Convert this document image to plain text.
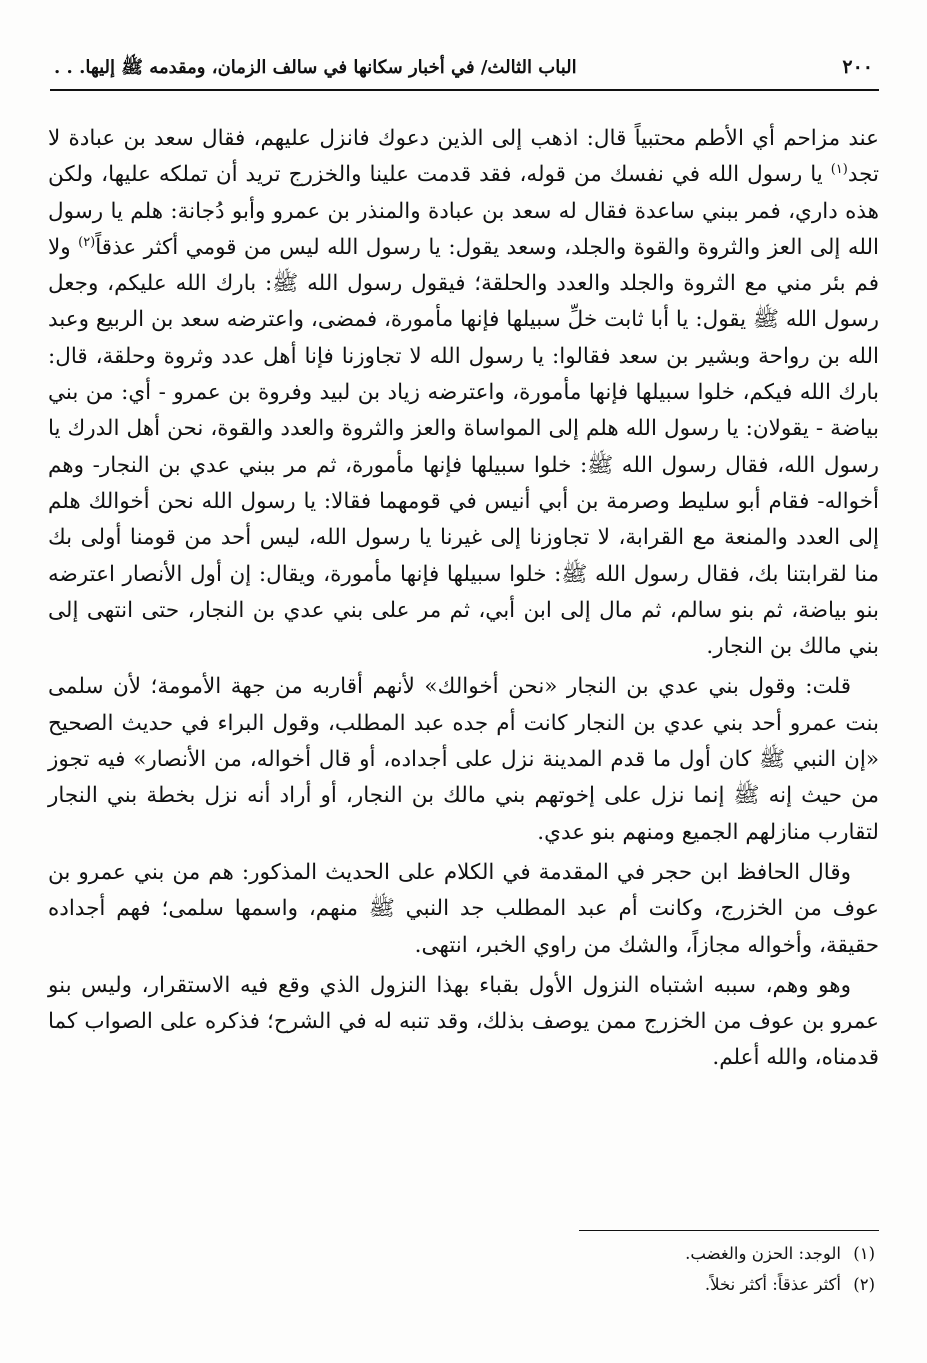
٢٠٠
الباب الثالث/ في أخبار سكانها في سالف الزمان، ومقدمه ﷺ إليها. . .

عند مزاحم أي الأطم محتبياً قال: اذهب إلى الذين دعوك فانزل عليهم، فقال سعد بن عبادة لا تجد$^{(١)}$ يا رسول الله في نفسك من قوله، فقد قدمت علينا والخزرج تريد أن تملكه عليها، ولكن هذه داري، فمر ببني ساعدة فقال له سعد بن عبادة والمنذر بن عمرو وأبو دُجانة: هلم يا رسول الله إلى العز والثروة والقوة والجلد، وسعد يقول: يا رسول الله ليس من قومي أكثر عذقاً$^{(٢)}$ ولا فم بئر مني مع الثروة والجلد والعدد والحلقة؛ فيقول رسول الله ﷺ: بارك الله عليكم، وجعل رسول الله ﷺ يقول: يا أبا ثابت خلِّ سبيلها فإنها مأمورة، فمضى، واعترضه سعد بن الربيع وعبد الله بن رواحة وبشير بن سعد فقالوا: يا رسول الله لا تجاوزنا فإنا أهل عدد وثروة وحلقة، قال: بارك الله فيكم، خلوا سبيلها فإنها مأمورة، واعترضه زياد بن لبيد وفروة بن عمرو - أي: من بني بياضة - يقولان: يا رسول الله هلم إلى المواساة والعز والثروة والعدد والقوة، نحن أهل الدرك يا رسول الله، فقال رسول الله ﷺ: خلوا سبيلها فإنها مأمورة، ثم مر ببني عدي بن النجار- وهم أخواله- فقام أبو سليط وصرمة بن أبي أنيس في قومهما فقالا: يا رسول الله نحن أخوالك هلم إلى العدد والمنعة مع القرابة، لا تجاوزنا إلى غيرنا يا رسول الله، ليس أحد من قومنا أولى بك منا لقرابتنا بك، فقال رسول الله ﷺ: خلوا سبيلها فإنها مأمورة، ويقال: إن أول الأنصار اعترضه بنو بياضة، ثم بنو سالم، ثم مال إلى ابن أبي، ثم مر على بني عدي بن النجار، حتى انتهى إلى بني مالك بن النجار.

قلت: وقول بني عدي بن النجار «نحن أخوالك» لأنهم أقاربه من جهة الأمومة؛ لأن سلمى بنت عمرو أحد بني عدي بن النجار كانت أم جده عبد المطلب، وقول البراء في حديث الصحيح «إن النبي ﷺ كان أول ما قدم المدينة نزل على أجداده، أو قال أخواله، من الأنصار» فيه تجوز من حيث إنه ﷺ إنما نزل على إخوتهم بني مالك بن النجار، أو أراد أنه نزل بخطة بني النجار لتقارب منازلهم الجميع ومنهم بنو عدي.

وقال الحافظ ابن حجر في المقدمة في الكلام على الحديث المذكور: هم من بني عمرو بن عوف من الخزرج، وكانت أم عبد المطلب جد النبي ﷺ منهم، واسمها سلمى؛ فهم أجداده حقيقة، وأخواله مجازاً، والشك من راوي الخبر، انتهى.

وهو وهم، سببه اشتباه النزول الأول بقباء بهذا النزول الذي وقع فيه الاستقرار، وليس بنو عمرو بن عوف من الخزرج ممن يوصف بذلك، وقد تنبه له في الشرح؛ فذكره على الصواب كما قدمناه، والله أعلم.

(١)
الوجد: الحزن والغضب.
(٢)
أكثر عذقاً: أكثر نخلاً.
